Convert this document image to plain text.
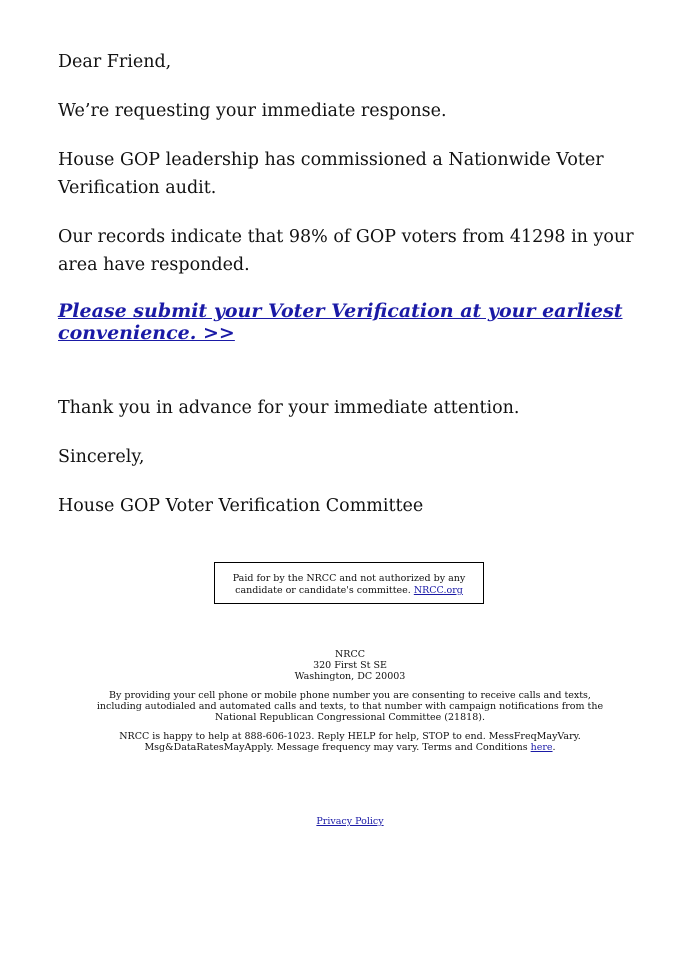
Dear Friend,

We’re requesting your immediate response.

House GOP leadership has commissioned a Nationwide Voter Verification audit.

Our records indicate that 98% of GOP voters from 41298 in your area have responded.

Please submit your Voter Verification at your earliest convenience. >>

Thank you in advance for your immediate attention.

Sincerely,

House GOP Voter Verification Committee

Paid for by the NRCC and not authorized by any candidate or candidate's committee. NRCC.org
NRCC
320 First St SE
Washington, DC 20003

By providing your cell phone or mobile phone number you are consenting to receive calls and texts, including autodialed and automated calls and texts, to that number with campaign notifications from the National Republican Congressional Committee (21818).

NRCC is happy to help at 888-606-1023. Reply HELP for help, STOP to end. MessFreqMayVary. Msg&DataRatesMayApply. Message frequency may vary. Terms and Conditions here.

Privacy Policy
